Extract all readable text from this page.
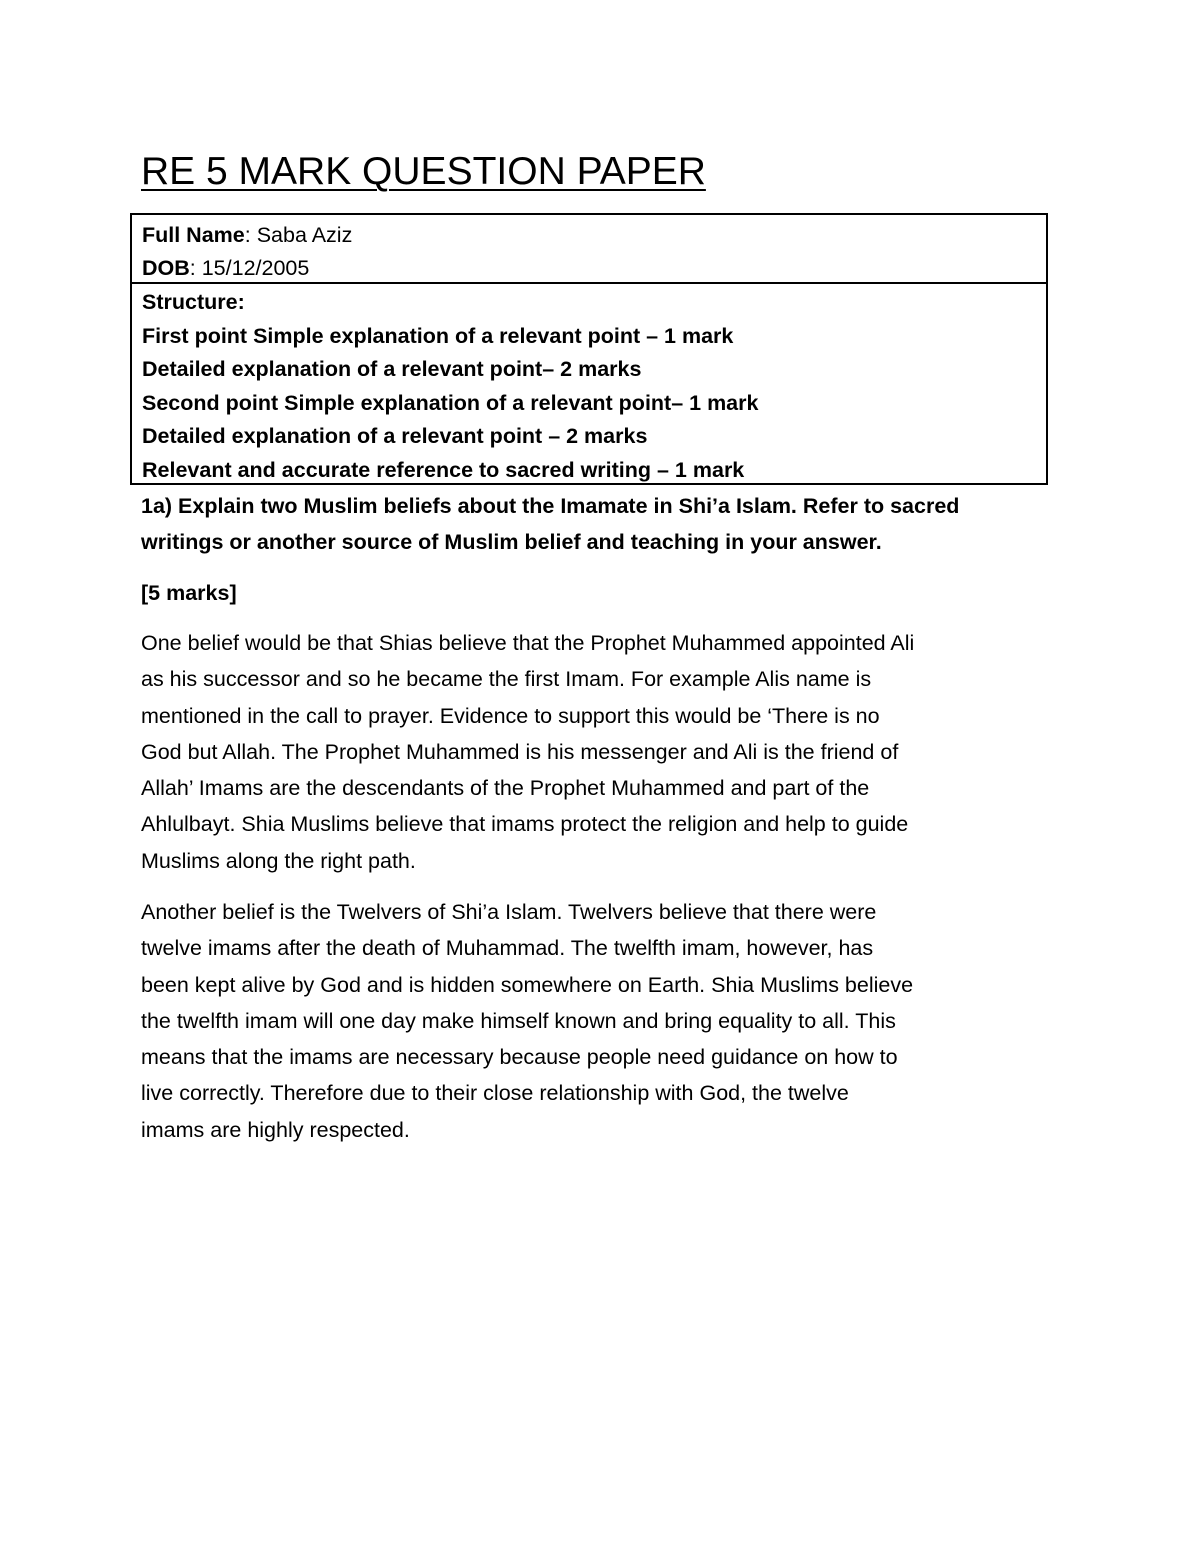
RE 5 MARK QUESTION PAPER
Full Name: Saba Aziz
DOB: 15/12/2005
Structure:
First point Simple explanation of a relevant point – 1 mark
Detailed explanation of a relevant point– 2 marks
Second point Simple explanation of a relevant point– 1 mark
Detailed explanation of a relevant point – 2 marks
Relevant and accurate reference to sacred writing – 1 mark
1a) Explain two Muslim beliefs about the Imamate in Shi’a Islam. Refer to sacred
writings or another source of Muslim belief and teaching in your answer.
[5 marks]
One belief would be that Shias believe that the Prophet Muhammed appointed Ali
as his successor and so he became the first Imam. For example Alis name is
mentioned in the call to prayer. Evidence to support this would be ‘There is no
God but Allah. The Prophet Muhammed is his messenger and Ali is the friend of
Allah’ Imams are the descendants of the Prophet Muhammed and part of the
Ahlulbayt. Shia Muslims believe that imams protect the religion and help to guide
Muslims along the right path.
Another belief is the Twelvers of Shi’a Islam. Twelvers believe that there were
twelve imams after the death of Muhammad. The twelfth imam, however, has
been kept alive by God and is hidden somewhere on Earth. Shia Muslims believe
the twelfth imam will one day make himself known and bring equality to all. This
means that the imams are necessary because people need guidance on how to
live correctly. Therefore due to their close relationship with God, the twelve
imams are highly respected.
